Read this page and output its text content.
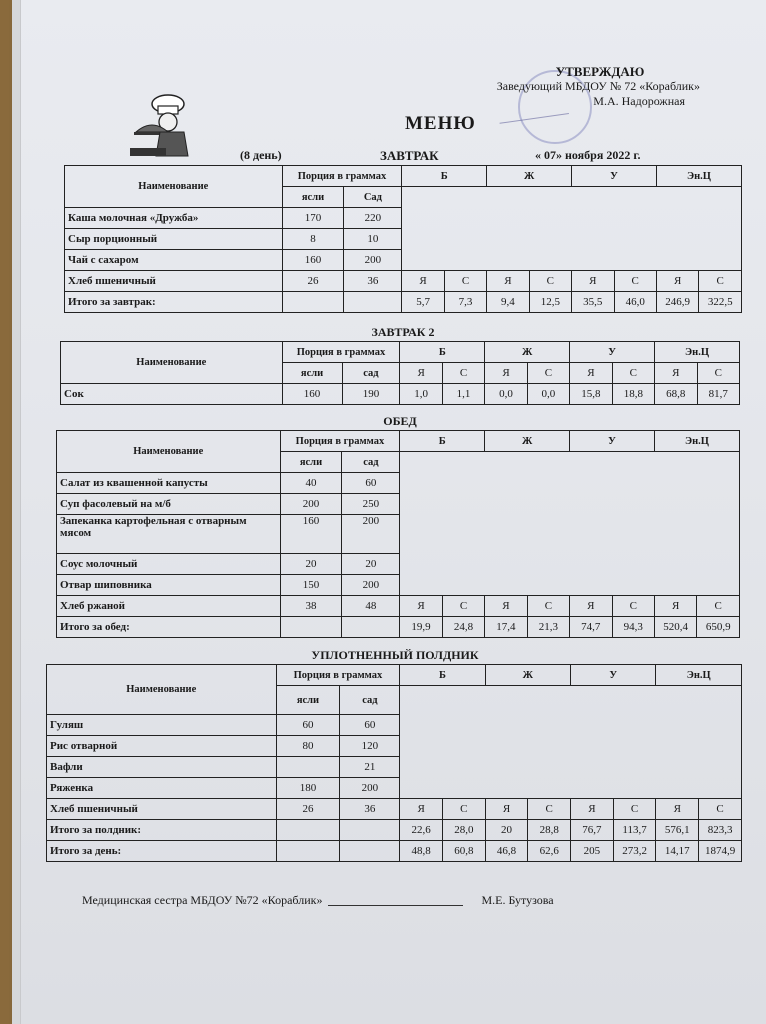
УТВЕРЖДАЮ
Заведующий МБДОУ № 72 «Кораблик»
М.А. Надорожная
МЕНЮ
(8 день)	ЗАВТРАК	« 07» ноября 2022 г.
Наименование	Порция в граммах		Б		Ж		У		Эн.Ц	
	ясли	Сад								
Каша молочная «Дружба»	170	220								
Сыр порционный	8	10								
Чай с сахаром	160	200								
Хлеб пшеничный	26	36	Я	С	Я	С	Я	С	Я	С
Итого за завтрак:			5,7	7,3	9,4	12,5	35,5	46,0	246,9	322,5
ЗАВТРАК 2
Наименование	Порция в граммах		Б		Ж		У		Эн.Ц	
	ясли	сад	Я	С	Я	С	Я	С	Я	С
Сок	160	190	1,0	1,1	0,0	0,0	15,8	18,8	68,8	81,7
ОБЕД
Наименование	Порция в граммах		Б		Ж		У		Эн.Ц	
	ясли	сад								
Салат из квашенной капусты	40	60								
Суп фасолевый на м/б	200	250								
Запеканка картофельная с отварным мясом	160	200								
Соус молочный	20	20								
Отвар шиповника	150	200								
Хлеб ржаной	38	48	Я	С	Я	С	Я	С	Я	С
Итого за обед:			19,9	24,8	17,4	21,3	74,7	94,3	520,4	650,9
УПЛОТНЕННЫЙ ПОЛДНИК
Наименование	Порция в граммах		Б		Ж		У		Эн.Ц	
	ясли	сад								
Гуляш	60	60								
Рис отварной	80	120								
Вафли		21								
Ряженка	180	200								
Хлеб пшеничный	26	36	Я	С	Я	С	Я	С	Я	С
Итого за полдник:			22,6	28,0	20	28,8	76,7	113,7	576,1	823,3
Итого за день:			48,8	60,8	46,8	62,6	205	273,2	14,17	1874,9
Медицинская сестра МБДОУ №72 «Кораблик»	М.Е. Бутузова
